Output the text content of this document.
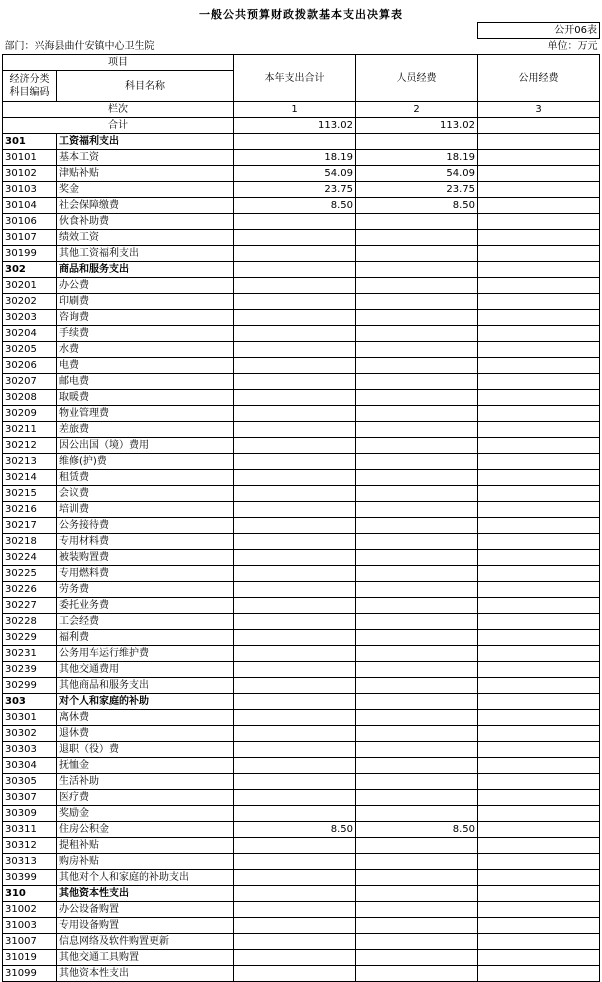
一般公共预算财政拨款基本支出决算表
				公开06表
部门：兴海县曲什安镇中心卫生院				单位：万元
项目		本年支出合计	人员经费	公用经费

经济分类
科目编码	科目名称			
栏次		1	2	3
合计		113.02	113.02	
301	工资福利支出			
30101	基本工资	18.19	18.19	
30102	津贴补贴	54.09	54.09	
30103	奖金	23.75	23.75	
30104	社会保障缴费	8.50	8.50	
30106	伙食补助费			
30107	绩效工资			
30199	其他工资福利支出			
302	商品和服务支出			
30201	办公费			
30202	印刷费			
30203	咨询费			
30204	手续费			
30205	水费			
30206	电费			
30207	邮电费			
30208	取暖费			
30209	物业管理费			
30211	差旅费			
30212	因公出国（境）费用			
30213	维修(护)费			
30214	租赁费			
30215	会议费			
30216	培训费			
30217	公务接待费			
30218	专用材料费			
30224	被装购置费			
30225	专用燃料费			
30226	劳务费			
30227	委托业务费			
30228	工会经费			
30229	福利费			
30231	公务用车运行维护费			
30239	其他交通费用			
30299	其他商品和服务支出			
303	对个人和家庭的补助			
30301	离休费			
30302	退休费			
30303	退职（役）费			
30304	抚恤金			
30305	生活补助			
30307	医疗费			
30309	奖励金			
30311	住房公积金	8.50	8.50	
30312	提租补贴			
30313	购房补贴			
30399	其他对个人和家庭的补助支出			
310	其他资本性支出			
31002	办公设备购置			
31003	专用设备购置			
31007	信息网络及软件购置更新			
31019	其他交通工具购置			
31099	其他资本性支出			
